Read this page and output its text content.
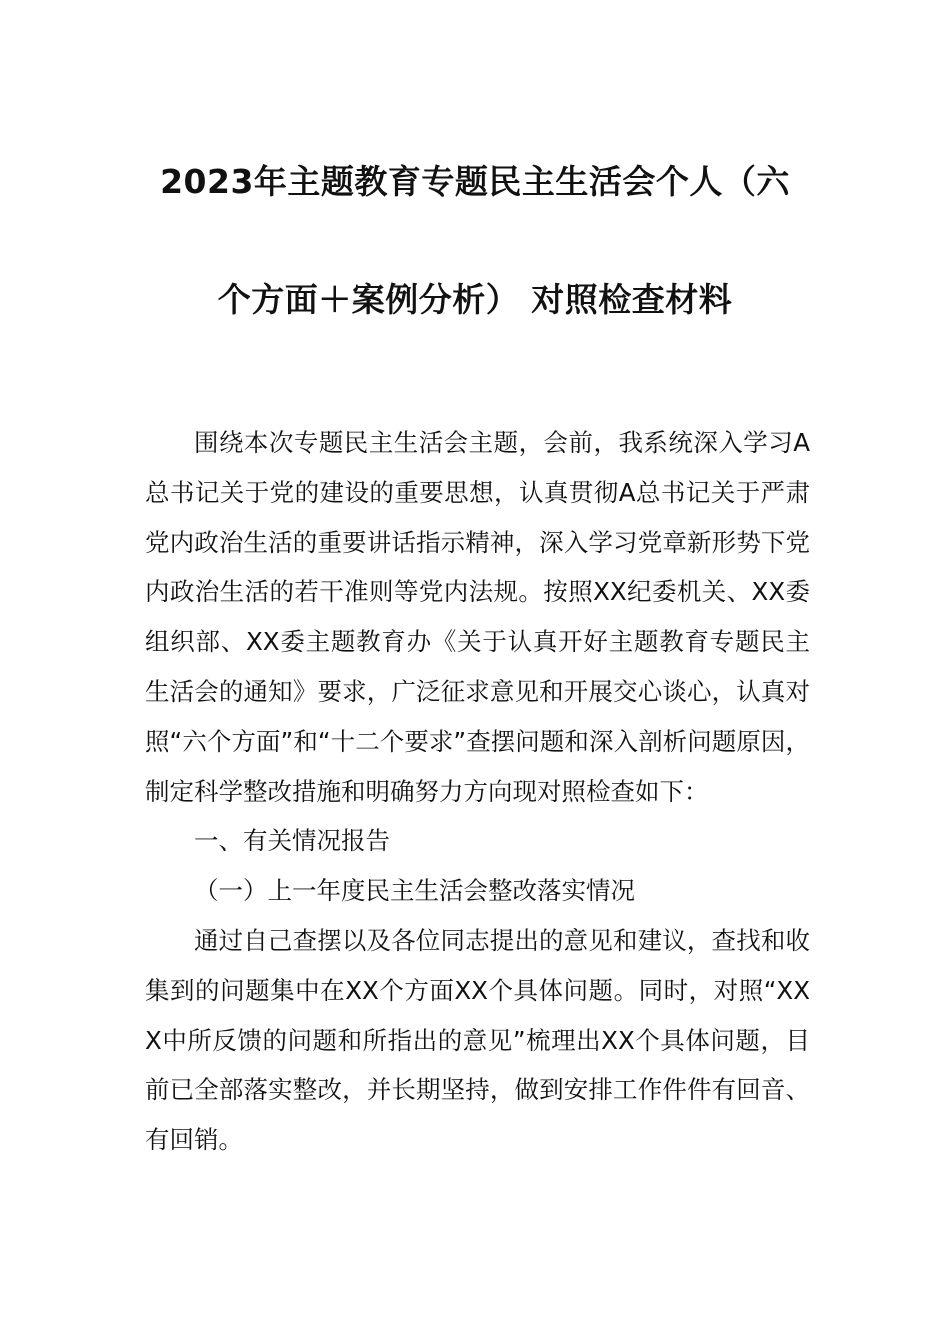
2023年主题教育专题民主生活会个人（六
个方面＋案例分析） 对照检查材料

围绕本次专题民主生活会主题，会前，我系统深入学习A总书记关于党的建设的重要思想，认真贯彻A总书记关于严肃党内政治生活的重要讲话指示精神，深入学习党章新形势下党内政治生活的若干准则等党内法规。按照XX纪委机关、XX委组织部、XX委主题教育办《关于认真开好主题教育专题民主生活会的通知》要求，广泛征求意见和开展交心谈心，认真对照“六个方面”和“十二个要求”查摆问题和深入剖析问题原因，制定科学整改措施和明确努力方向现对照检查如下：

一、有关情况报告

（一）上一年度民主生活会整改落实情况

通过自己查摆以及各位同志提出的意见和建议，查找和收集到的问题集中在XX个方面XX个具体问题。同时，对照“XXX中所反馈的问题和所指出的意见”梳理出XX个具体问题，目前已全部落实整改，并长期坚持，做到安排工作件件有回音、有回销。
